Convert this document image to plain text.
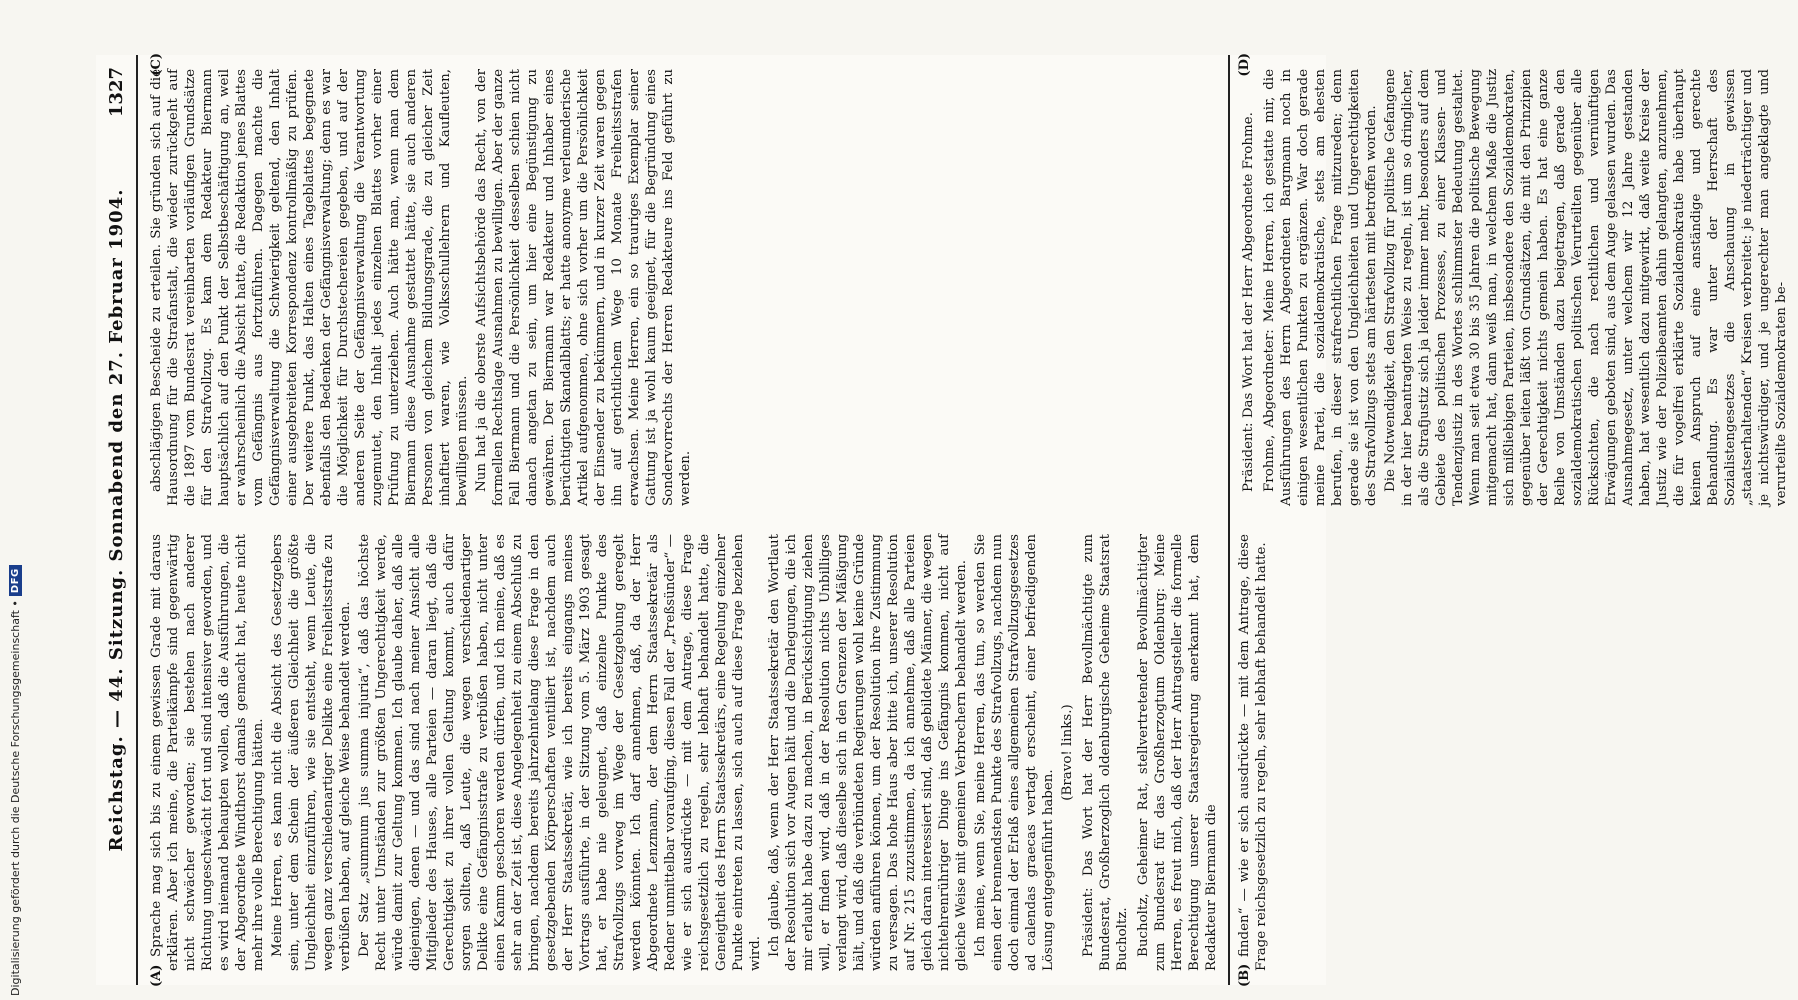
Digitalisierung gefördert durch die Deutsche Forschungsgemeinschaft •
DFG	Reichstag. — 44. Sitzung. Sonnabend den 27. Februar 1904.
1327
(A)

Sprache mag sich bis zu einem gewissen Grade mit daraus erklären. Aber ich meine, die Parteikämpfe sind gegenwärtig nicht schwächer geworden; sie bestehen nach anderer Richtung ungeschwächt fort und sind intensiver geworden, und es wird niemand behaupten wollen, daß die Ausführungen, die der Abgeordnete Windthorst damals gemacht hat, heute nicht mehr ihre volle Berechtigung hätten. Meine Herren, es kann nicht die Absicht des Gesetzgebers sein, unter dem Schein der äußeren Gleichheit die größte Ungleichheit einzuführen, wie sie entsteht, wenn Leute, die wegen ganz verschiedenartiger Delikte eine Freiheitsstrafe zu verbüßen haben, auf gleiche Weise behandelt werden. Der Satz „summum jus summa injuria“, daß das höchste Recht unter Umständen zur größten Ungerechtigkeit werde, würde damit zur Geltung kommen. Ich glaube daher, daß alle diejenigen, denen — und das sind nach meiner Ansicht alle Mitglieder des Hauses, alle Parteien — daran liegt, daß die Gerechtigkeit zu ihrer vollen Geltung kommt, auch dafür sorgen sollten, daß Leute, die wegen verschiedenartiger Delikte eine Gefängnisstrafe zu verbüßen haben, nicht unter einen Kamm geschoren werden dürfen, und ich meine, daß es sehr an der Zeit ist, diese Angelegenheit zu einem Abschluß zu bringen, nachdem bereits jahrzehntelang diese Frage in den gesetzgebenden Körperschaften ventiliert ist, nachdem auch der Herr Staatssekretär, wie ich bereits eingangs meines Vortrags ausführte, in der Sitzung vom 5. März 1903 gesagt hat, er habe nie geleugnet, daß einzelne Punkte des Strafvollzugs vorweg im Wege der Gesetzgebung geregelt werden könnten. Ich darf annehmen, daß, da der Herr Abgeordnete Lenzmann, der dem Herrn Staatssekretär als Redner unmittelbar voraufging, diesen Fall der „Preßsünder“ — wie er sich ausdrückte — mit dem Antrage, diese Frage reichsgesetzlich zu regeln, sehr lebhaft behandelt hatte, die Geneigtheit des Herrn Staatssekretärs, eine Regelung einzelner Punkte eintreten zu lassen, sich auch auf diese Frage beziehen wird. Ich glaube, daß, wenn der Herr Staatssekretär den Wortlaut der Resolution sich vor Augen hält und die Darlegungen, die ich mir erlaubt habe dazu zu machen, in Berücksichtigung ziehen will, er finden wird, daß in der Resolution nichts Unbilliges verlangt wird, daß dieselbe sich in den Grenzen der Mäßigung hält, und daß die verbündeten Regierungen wohl keine Gründe würden anführen können, um der Resolution ihre Zustimmung zu versagen. Das hohe Haus aber bitte ich, unserer Resolution auf Nr. 215 zuzustimmen, da ich annehme, daß alle Parteien gleich daran interessiert sind, daß gebildete Männer, die wegen nichtehrenrühriger Dinge ins Gefängnis kommen, nicht auf gleiche Weise mit gemeinen Verbrechern behandelt werden. Ich meine, wenn Sie, meine Herren, das tun, so werden Sie einen der brennendsten Punkte des Strafvollzugs, nachdem nun doch einmal der Erlaß eines allgemeinen Strafvollzugsgesetzes ad calendas graecas vertagt erscheint, einer befriedigenden Lösung entgegenführt haben.

(Bravo! links.) Präsident: Das Wort hat der Herr Bevollmächtigte zum Bundesrat, Großherzoglich oldenburgische Geheime Staatsrat Bucholtz. Bucholtz, Geheimer Rat, stellvertretender Bevollmächtigter zum Bundesrat für das Großherzogtum Oldenburg: Meine Herren, es freut mich, daß der Herr Antragsteller die formelle Berechtigung unserer Staatsregierung anerkannt hat, dem Redakteur Biermann die

(C)

abschlägigen Bescheide zu erteilen. Sie gründen sich auf die Hausordnung für die Strafanstalt, die wieder zurückgeht auf die 1897 vom Bundesrat vereinbarten vorläufigen Grundsätze für den Strafvollzug. Es kam dem Redakteur Biermann hauptsächlich auf den Punkt der Selbstbeschäftigung an, weil er wahrscheinlich die Absicht hatte, die Redaktion jenes Blattes vom Gefängnis aus fortzuführen. Dagegen machte die Gefängnisverwaltung die Schwierigkeit geltend, den Inhalt einer ausgebreiteten Korrespondenz kontrollmäßig zu prüfen. Der weitere Punkt, das Halten eines Tageblattes begegnete ebenfalls den Bedenken der Gefängnisverwaltung; denn es war die Möglichkeit für Durchstechereien gegeben, und auf der anderen Seite der Gefängnisverwaltung die Verantwortung zugemutet, den Inhalt jedes einzelnen Blattes vorher einer Prüfung zu unterziehen. Auch hätte man, wenn man dem Biermann diese Ausnahme gestattet hätte, sie auch anderen Personen von gleichem Bildungsgrade, die zu gleicher Zeit inhaftiert waren, wie Volksschullehrern und Kaufleuten, bewilligen müssen. Nun hat ja die oberste Aufsichtsbehörde das Recht, von der formellen Rechtslage Ausnahmen zu bewilligen. Aber der ganze Fall Biermann und die Persönlichkeit desselben schien nicht danach angetan zu sein, um hier eine Begünstigung zu gewähren. Der Biermann war Redakteur und Inhaber eines berüchtigten Skandalblatts; er hatte anonyme verleumderische Artikel aufgenommen, ohne sich vorher um die Persönlichkeit der Einsender zu bekümmern, und in kurzer Zeit waren gegen ihn auf gerichtlichem Wege 10 Monate Freiheitsstrafen erwachsen. Meine Herren, ein so trauriges Exemplar seiner Gattung ist ja wohl kaum geeignet, für die Begründung eines Sondervorrechts der Herren Redakteure ins Feld geführt zu werden.

(B)

finden“ — wie er sich ausdrückte — mit dem Antrage, diese Frage reichsgesetzlich zu regeln, sehr lebhaft behandelt hatte.

(D)

Präsident: Das Wort hat der Herr Abgeordnete Frohme. Frohme, Abgeordneter: Meine Herren, ich gestatte mir, die Ausführungen des Herrn Abgeordneten Bargmann noch in einigen wesentlichen Punkten zu ergänzen. War doch gerade meine Partei, die sozialdemokratische, stets am ehesten berufen, in dieser strafrechtlichen Frage mitzureden; denn gerade sie ist von den Ungleichheiten und Ungerechtigkeiten des Strafvollzugs stets am härtesten mit betroffen worden. Die Notwendigkeit, den Strafvollzug für politische Gefangene in der hier beantragten Weise zu regeln, ist um so dringlicher, als die Strafjustiz sich ja leider immer mehr, besonders auf dem Gebiete des politischen Prozesses, zu einer Klassen- und Tendenzjustiz in des Wortes schlimmster Bedeutung gestaltet. Wenn man seit etwa 30 bis 35 Jahren die politische Bewegung mitgemacht hat, dann weiß man, in welchem Maße die Justiz sich mißliebigen Parteien, insbesondere den Sozialdemokraten, gegenüber leiten läßt von Grundsätzen, die mit den Prinzipien der Gerechtigkeit nichts gemein haben. Es hat eine ganze Reihe von Umständen dazu beigetragen, daß gerade den sozialdemokratischen politischen Verurteilten gegenüber alle Rücksichten, die nach rechtlichen und vernünftigen Erwägungen geboten sind, aus dem Auge gelassen wurden. Das Ausnahmegesetz, unter welchem wir 12 Jahre gestanden haben, hat wesentlich dazu mitgewirkt, daß weite Kreise der Justiz wie der Polizeibeamten dahin gelangten, anzunehmen, die für vogelfrei erklärte Sozialdemokratie habe überhaupt keinen Anspruch auf eine anständige und gerechte Behandlung. Es war unter der Herrschaft des Sozialistengesetzes die Anschauung in gewissen „staatserhaltenden“ Kreisen verbreitet: je niederträchtiger und je nichtswürdiger, und je ungerechter man angeklagte und verurteilte Sozialdemokraten be-
